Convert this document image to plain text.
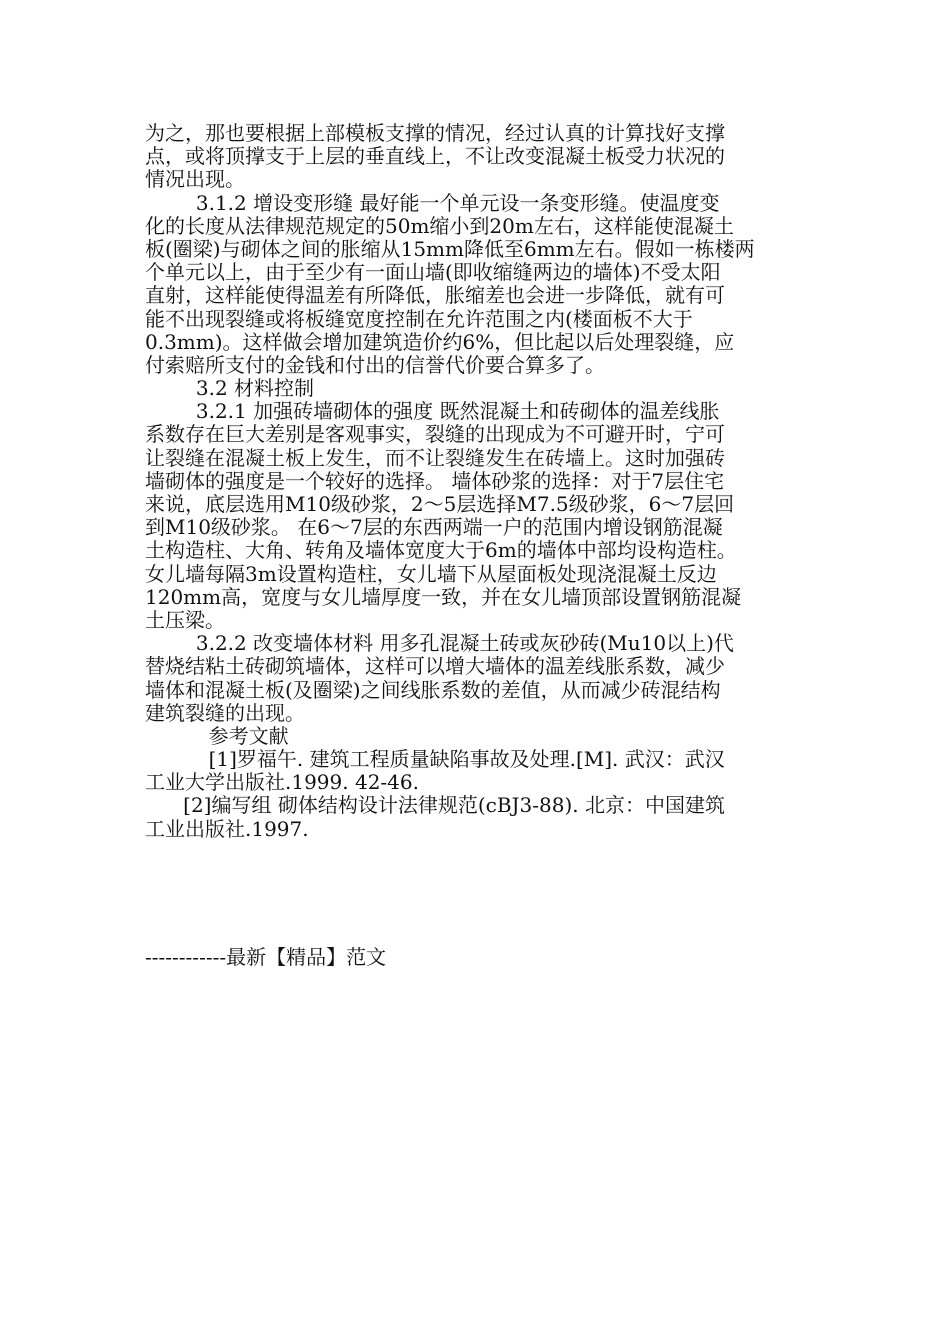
为之，那也要根据上部模板支撑的情况，经过认真的计算找好支撑
点，或将顶撑支于上层的垂直线上，不让改变混凝土板受力状况的
情况出现。
3.1.2 增设变形缝 最好能一个单元设一条变形缝。使温度变
化的长度从法律规范规定的50m缩小到20m左右，这样能使混凝土
板(圈梁)与砌体之间的胀缩从15mm降低至6mm左右。假如一栋楼两
个单元以上，由于至少有一面山墙(即收缩缝两边的墙体)不受太阳
直射，这样能使得温差有所降低，胀缩差也会进一步降低，就有可
能不出现裂缝或将板缝宽度控制在允许范围之内(楼面板不大于
0.3mm)。这样做会增加建筑造价约6%，但比起以后处理裂缝，应
付索赔所支付的金钱和付出的信誉代价要合算多了。
3.2 材料控制
3.2.1 加强砖墙砌体的强度 既然混凝土和砖砌体的温差线胀
系数存在巨大差别是客观事实，裂缝的出现成为不可避开时，宁可
让裂缝在混凝土板上发生，而不让裂缝发生在砖墙上。这时加强砖
墙砌体的强度是一个较好的选择。 墙体砂浆的选择：对于7层住宅
来说，底层选用M10级砂浆，2～5层选择M7.5级砂浆，6～7层回
到M10级砂浆。 在6～7层的东西两端一户的范围内增设钢筋混凝
土构造柱、大角、转角及墙体宽度大于6m的墙体中部均设构造柱。
女儿墙每隔3m设置构造柱，女儿墙下从屋面板处现浇混凝土反边
120mm高，宽度与女儿墙厚度一致，并在女儿墙顶部设置钢筋混凝
土压梁。
3.2.2 改变墙体材料 用多孔混凝土砖或灰砂砖(Mu10以上)代
替烧结粘土砖砌筑墙体，这样可以增大墙体的温差线胀系数，减少
墙体和混凝土板(及圈梁)之间线胀系数的差值，从而减少砖混结构
建筑裂缝的出现。
参考文献
[1]罗福午. 建筑工程质量缺陷事故及处理.[M]. 武汉：武汉
工业大学出版社.1999. 42-46.
[2]编写组 砌体结构设计法律规范(cBJ3-88). 北京：中国建筑
工业出版社.1997.
------------最新【精品】范文
